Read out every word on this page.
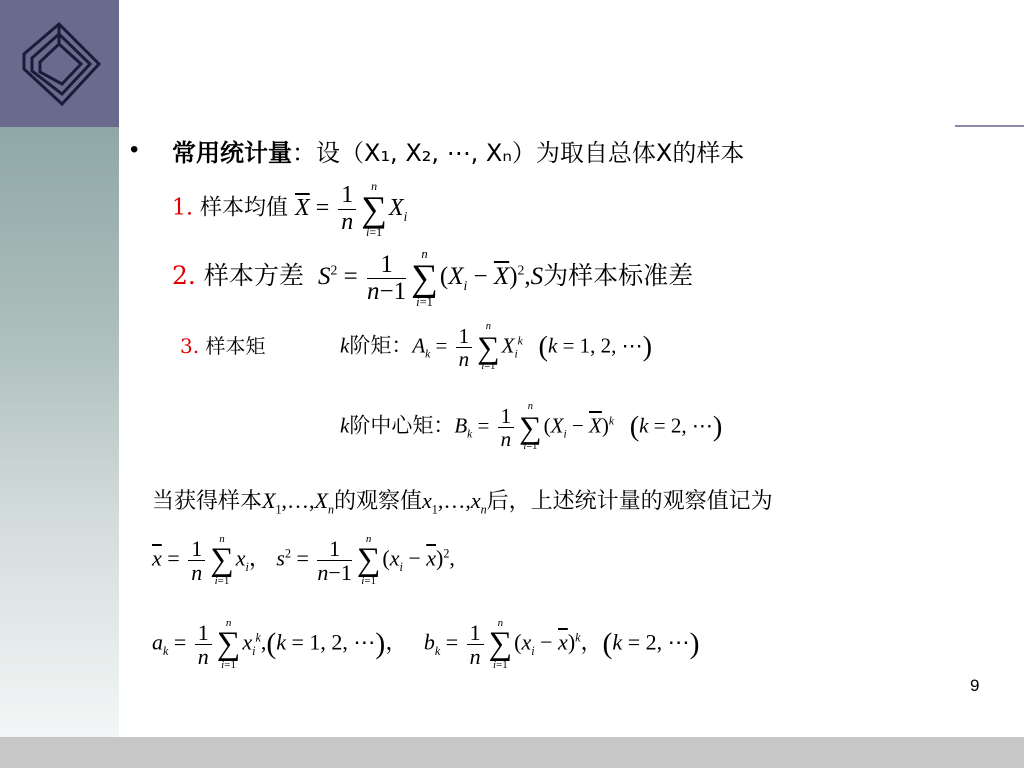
• 常用统计量：设（X₁, X₂, ⋯, Xₙ）为取自总体X的样本
1. 样本均值 $\overline{X} = \frac{1}{n}$	n
∑
i=1
$X_i$
2. 样本方差  $S^2 = \frac{1}{n-1}$	n
∑
i=1
$(X_i - \overline{X})^2,S$为样本标准差
3. 样本矩	k阶矩：$A_k = \frac{1}{n}$	n
∑
i=1
$X_i^k$ (k = 1, 2, ⋯)
k阶中心矩：$B_k = \frac{1}{n}$	n
∑
i=1
$(X_i - \overline{X})^k$ (k = 2, ⋯)
当获得样本$X_1,\dots,X_n$的观察值$x_1,\dots,x_n$后，上述统计量的观察值记为
$\overline{x} = \frac{1}{n}$	n
∑
i=1
$x_i$， $s^2 = \frac{1}{n-1}$	n
∑
i=1
$(x_i - \overline{x})^2$,
$a_k = \frac{1}{n}$	n
∑
i=1
$x_i^k,(k = 1$, 2, ⋯)，   $b_k = \frac{1}{n}$	n
∑
i=1
$(x_i - \overline{x})^k$，(k = 2, ⋯)
9
